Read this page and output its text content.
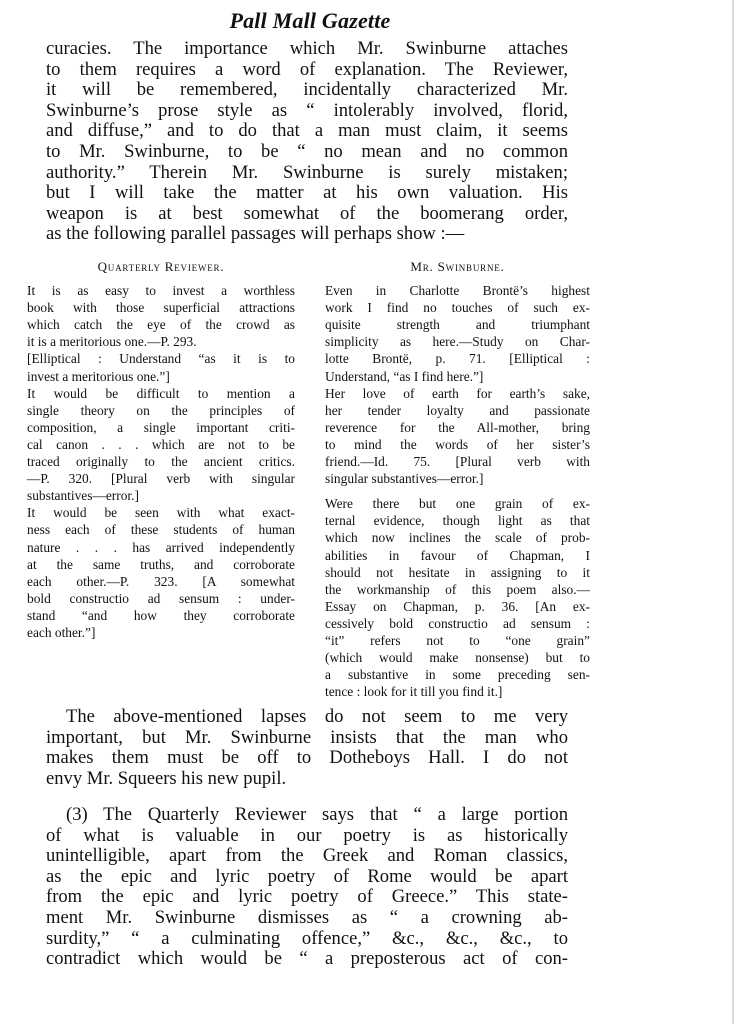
Pall Mall Gazette
curacies. The importance which Mr. Swinburne attaches
to them requires a word of explanation. The Reviewer,
it will be remembered, incidentally characterized Mr.
Swinburne’s prose style as “ intolerably involved, florid,
and diffuse,” and to do that a man must claim, it seems
to Mr. Swinburne, to be “ no mean and no common
authority.” Therein Mr. Swinburne is surely mistaken;
but I will take the matter at his own valuation. His
weapon is at best somewhat of the boomerang order,
as the following parallel passages will perhaps show :—
Quarterly Reviewer.
It is as easy to invest a worthless
book with those superficial attractions
which catch the eye of the crowd as
it is a meritorious one.—P. 293.
[Elliptical : Understand “as it is to
invest a meritorious one.”]
It would be difficult to mention a
single theory on the principles of
composition, a single important criti-
cal canon . . . which are not to be
traced originally to the ancient critics.
—P. 320. [Plural verb with singular
substantives—error.]
It would be seen with what exact-
ness each of these students of human
nature . . . has arrived independently
at the same truths, and corroborate
each other.—P. 323. [A somewhat
bold constructio ad sensum : under-
stand “and how they corroborate
each other.”]
Mr. Swinburne.
Even in Charlotte Brontë’s highest
work I find no touches of such ex-
quisite strength and triumphant
simplicity as here.—Study on Char-
lotte Brontë, p. 71. [Elliptical :
Understand, “as I find here.”]
Her love of earth for earth’s sake,
her tender loyalty and passionate
reverence for the All-mother, bring
to mind the words of her sister’s
friend.—Id. 75. [Plural verb with
singular substantives—error.]
Were there but one grain of ex-
ternal evidence, though light as that
which now inclines the scale of prob-
abilities in favour of Chapman, I
should not hesitate in assigning to it
the workmanship of this poem also.—
Essay on Chapman, p. 36. [An ex-
cessively bold constructio ad sensum :
“it” refers not to “one grain”
(which would make nonsense) but to
a substantive in some preceding sen-
tence : look for it till you find it.]
The above-mentioned lapses do not seem to me very
important, but Mr. Swinburne insists that the man who
makes them must be off to Dotheboys Hall. I do not
envy Mr. Squeers his new pupil.
(3) The Quarterly Reviewer says that “ a large portion
of what is valuable in our poetry is as historically
unintelligible, apart from the Greek and Roman classics,
as the epic and lyric poetry of Rome would be apart
from the epic and lyric poetry of Greece.” This state-
ment Mr. Swinburne dismisses as “ a crowning ab-
surdity,” “ a culminating offence,” &c., &c., &c., to
contradict which would be “ a preposterous act of con-
